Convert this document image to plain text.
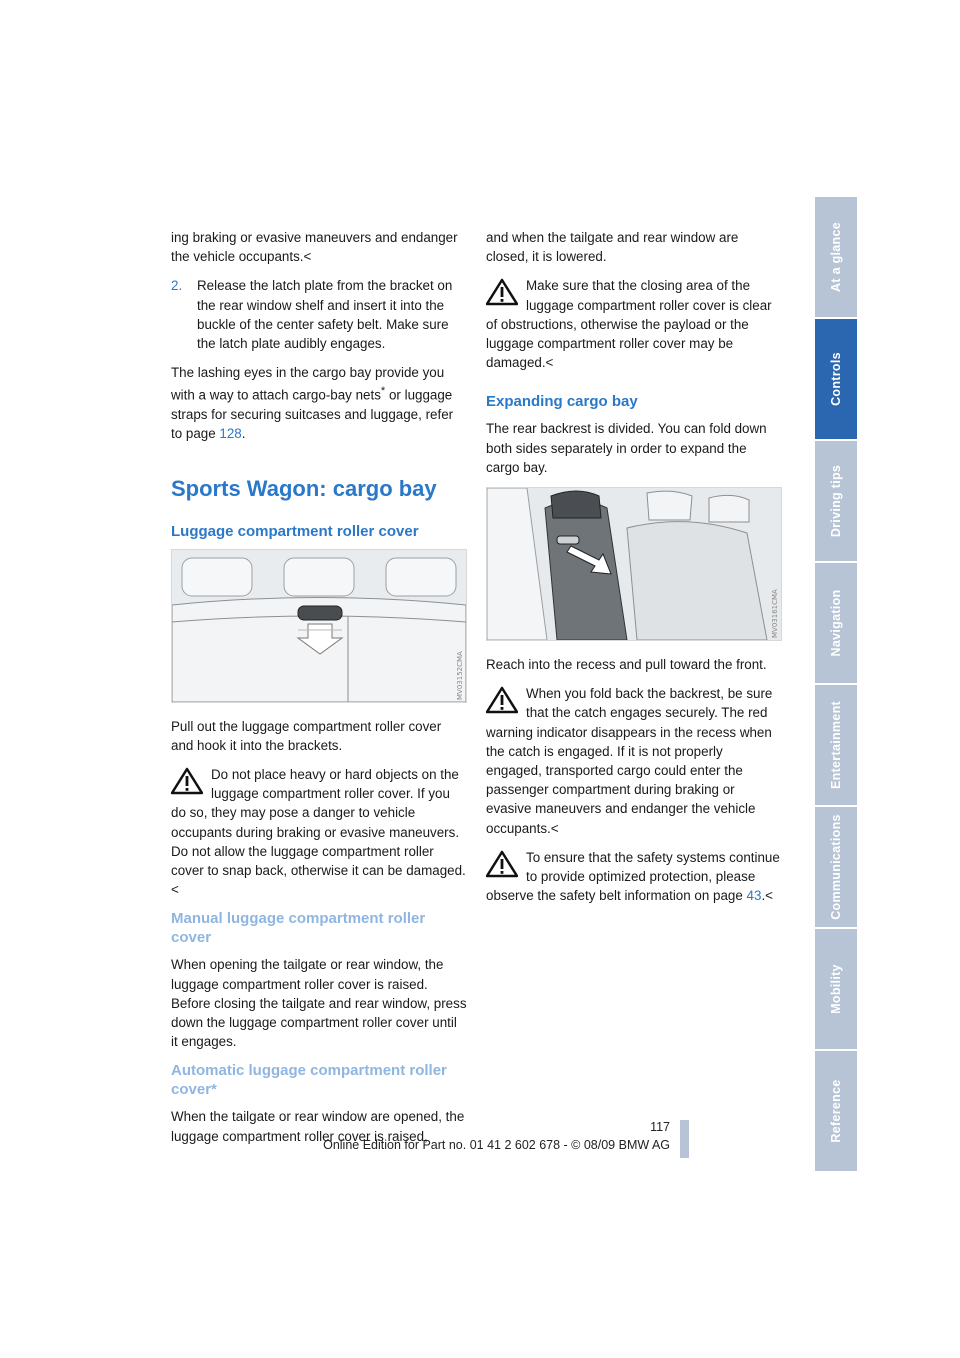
ing braking or evasive maneuvers and endanger the vehicle occupants.<

2.	Release the latch plate from the bracket on the rear window shelf and insert it into the buckle of the center safety belt. Make sure the latch plate audibly engages.

The lashing eyes in the cargo bay provide you with a way to attach cargo-bay nets* or luggage straps for securing suitcases and luggage, refer to page 128.

Sports Wagon: cargo bay
Luggage compartment roller cover
MV03152CMA

Pull out the luggage compartment roller cover and hook it into the brackets.

Do not place heavy or hard objects on the luggage compartment roller cover. If you do so, they may pose a danger to vehicle occupants during braking or evasive maneuvers. Do not allow the luggage compartment roller cover to snap back, otherwise it can be damaged.<
Manual luggage compartment roller cover

When opening the tailgate or rear window, the luggage compartment roller cover is raised. Before closing the tailgate and rear window, press down the luggage compartment roller cover until it engages.

Automatic luggage compartment roller cover*

When the tailgate or rear window are opened, the luggage compartment roller cover is raised,

and when the tailgate and rear window are closed, it is lowered.

Make sure that the closing area of the luggage compartment roller cover is clear of obstructions, otherwise the payload or the luggage compartment roller cover may be damaged.<
Expanding cargo bay

The rear backrest is divided. You can fold down both sides separately in order to expand the cargo bay.

MV03161CMA

Reach into the recess and pull toward the front.

When you fold back the backrest, be sure that the catch engages securely. The red warning indicator disappears in the recess when the catch is engaged. If it is not properly engaged, transported cargo could enter the passenger compartment during braking or evasive maneuvers and endanger the vehicle occupants.<
To ensure that the safety systems continue to provide optimized protection, please observe the safety belt information on page 43.<
At a glance
Controls
Driving tips
Navigation
Entertainment
Communications
Mobility
Reference
117
Online Edition for Part no. 01 41 2 602 678 - © 08/09 BMW AG
